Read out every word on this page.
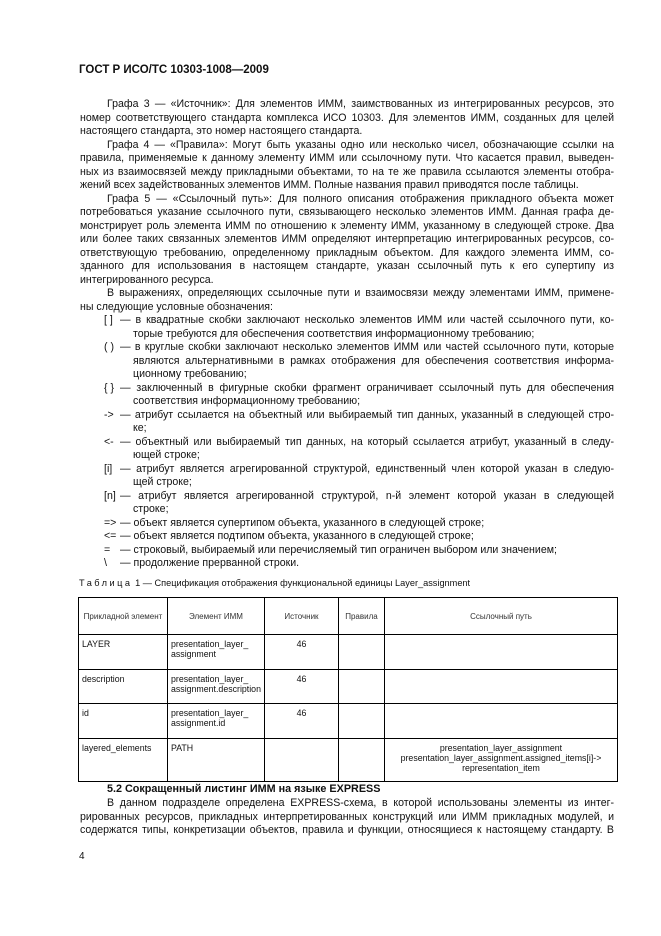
ГОСТ Р ИСО/ТС 10303-1008—2009
Графа 3 — «Источник»: Для элементов ИММ, заимствованных из интегрированных ресурсов, это
номер соответствующего стандарта комплекса ИСО 10303. Для элементов ИММ, созданных для целей
настоящего стандарта, это номер настоящего стандарта.
Графа 4 — «Правила»: Могут быть указаны одно или несколько чисел, обозначающие ссылки на
правила, применяемые к данному элементу ИММ или ссылочному пути. Что касается правил, выведен-
ных из взаимосвязей между прикладными объектами, то на те же правила ссылаются элементы отобра-
жений всех задействованных элементов ИММ. Полные названия правил приводятся после таблицы.
Графа 5 — «Ссылочный путь»: Для полного описания отображения прикладного объекта может
потребоваться указание ссылочного пути, связывающего несколько элементов ИММ. Данная графа де-
монстрирует роль элемента ИММ по отношению к элементу ИММ, указанному в следующей строке. Два
или более таких связанных элементов ИММ определяют интерпретацию интегрированных ресурсов, со-
ответствующую требованию, определенному прикладным объектом. Для каждого элемента ИММ, со-
зданного для использования в настоящем стандарте, указан ссылочный путь к его супертипу из
интегрированного ресурса.
В выражениях, определяющих ссылочные пути и взаимосвязи между элементами ИММ, примене-
ны следующие условные обозначения:
[ ] — в квадратные скобки заключают несколько элементов ИММ или частей ссылочного пути, ко-
торые требуются для обеспечения соответствия информационному требованию;
( ) — в круглые скобки заключают несколько элементов ИММ или частей ссылочного пути, которые
являются альтернативными в рамках отображения для обеспечения соответствия информа-
ционному требованию;
{ } — заключенный в фигурные скобки фрагмент ограничивает ссылочный путь для обеспечения
соответствия информационному требованию;
-> — атрибут ссылается на объектный или выбираемый тип данных, указанный в следующей стро-
ке;
<- — объектный или выбираемый тип данных, на который ссылается атрибут, указанный в следу-
ющей строке;
[i] — атрибут является агрегированной структурой, единственный член которой указан в следую-
щей строке;
[n] — атрибут является агрегированной структурой, n-й элемент которой указан в следующей
строке;
=> — объект является супертипом объекта, указанного в следующей строке;
<= — объект является подтипом объекта, указанного в следующей строке;
= — строковый, выбираемый или перечисляемый тип ограничен выбором или значением;
\ — продолжение прерванной строки.
Таблица 1 — Спецификация отображения функциональной единицы Layer_assignment
Прикладной элемент	Элемент ИММ	Источник	Правила	Ссылочный путь
LAYER	presentation_layer_ assignment	46		
description	presentation_layer_ assignment.description	46		
id	presentation_layer_ assignment.id	46		
layered_elements	PATH			presentation_layer_assignment presentation_layer_assignment.assigned_items[i]-> representation_item
5.2 Сокращенный листинг ИММ на языке EXPRESS
В данном подразделе определена EXPRESS-схема, в которой использованы элементы из интег-
рированных ресурсов, прикладных интерпретированных конструкций или ИММ прикладных модулей, и
содержатся типы, конкретизации объектов, правила и функции, относящиеся к настоящему стандарту. В
4
